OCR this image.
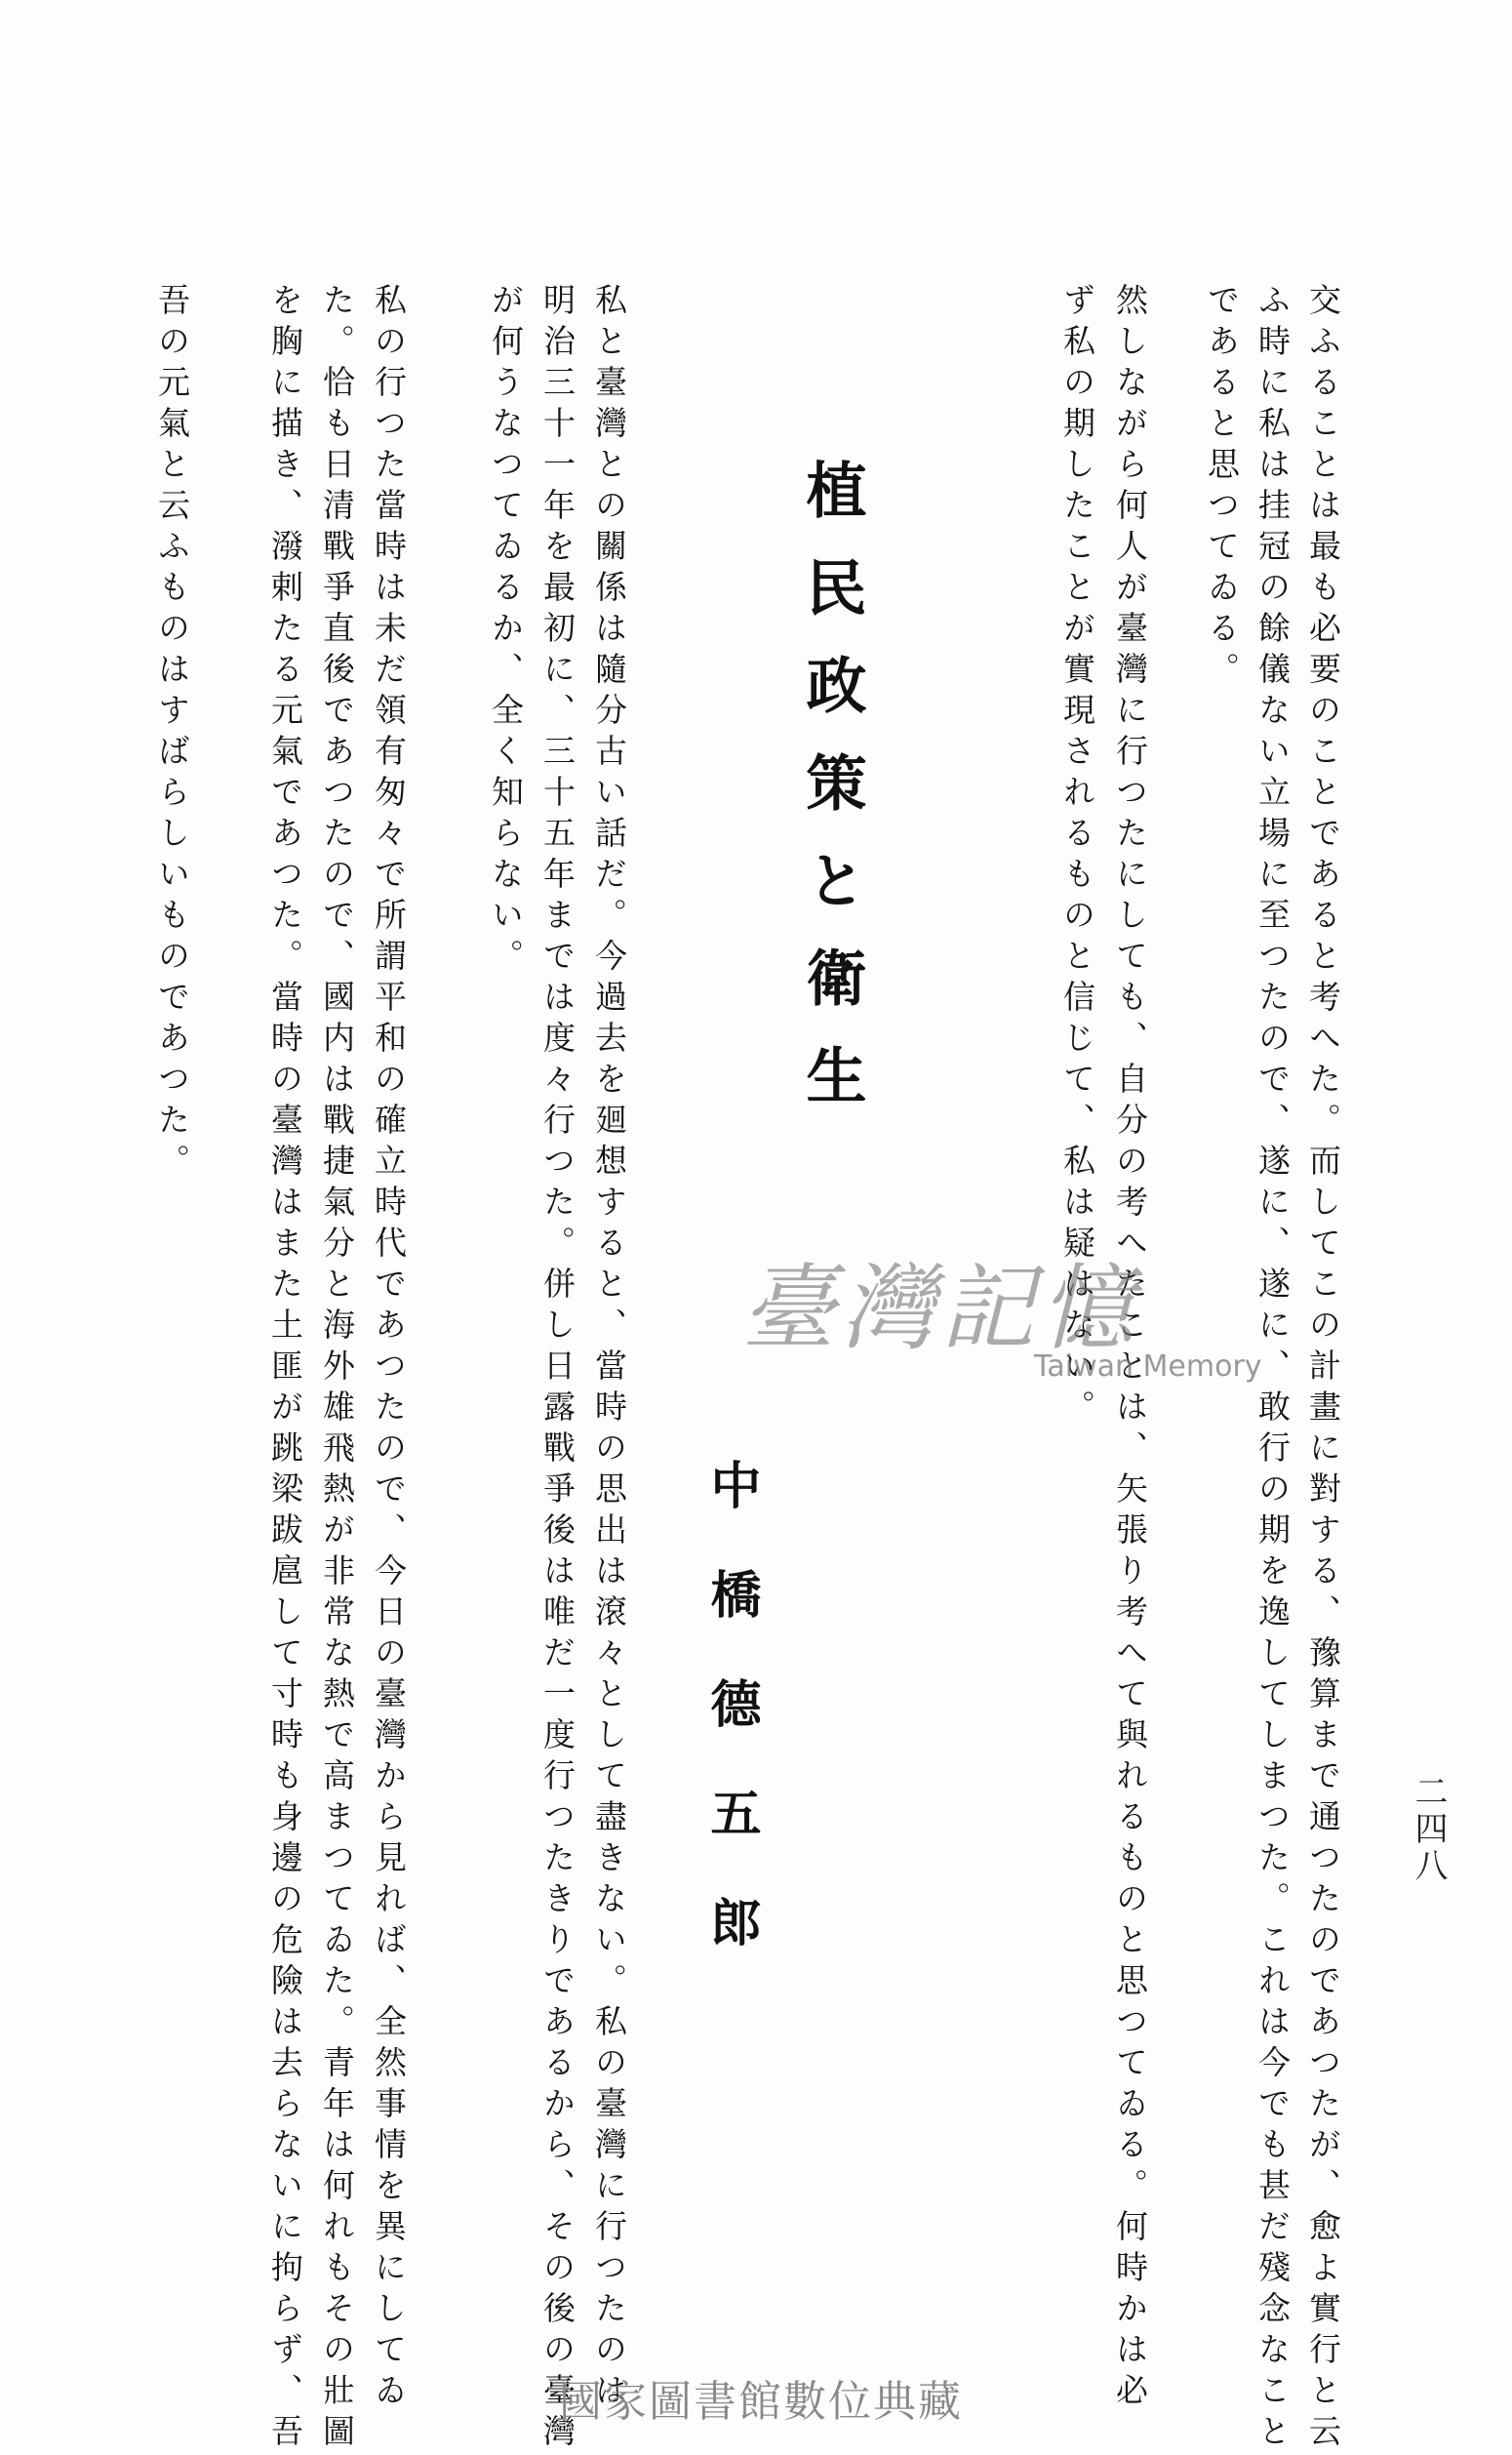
二四八
交ふることは最も必要のことであると考へた。而してこの計畫に對する、豫算まで通つたのであつたが、愈よ實行と云
ふ時に私は挂冠の餘儀ない立場に至つたので、遂に、遂に、敢行の期を逸してしまつた。これは今でも甚だ殘念なこと
であると思つてゐる。
然しながら何人が臺灣に行つたにしても、自分の考へたことは、矢張り考へて與れるものと思つてゐる。何時かは必
ず私の期したことが實現されるものと信じて、私は疑はない。
植民政策と衛生
中橋德五郎
私と臺灣との關係は隨分古い話だ。今過去を廻想すると、當時の思出は滾々として盡きない。私の臺灣に行つたのは
明治三十一年を最初に、三十五年までは度々行つた。併し日露戰爭後は唯だ一度行つたきりであるから、その後の臺灣
が何うなつてゐるか、全く知らない。
私の行つた當時は未だ領有匆々で所謂平和の確立時代であつたので、今日の臺灣から見れば、全然事情を異にしてゐ
た。恰も日清戰爭直後であつたので、國内は戰捷氣分と海外雄飛熱が非常な熱で高まつてゐた。青年は何れもその壯圖
を胸に描き、潑剌たる元氣であつた。當時の臺灣はまた土匪が跳梁跋扈して寸時も身邊の危險は去らないに拘らず、吾
吾の元氣と云ふものはすばらしいものであつた。
臺灣記憶
Taiwan Memory
國家圖書館數位典藏
